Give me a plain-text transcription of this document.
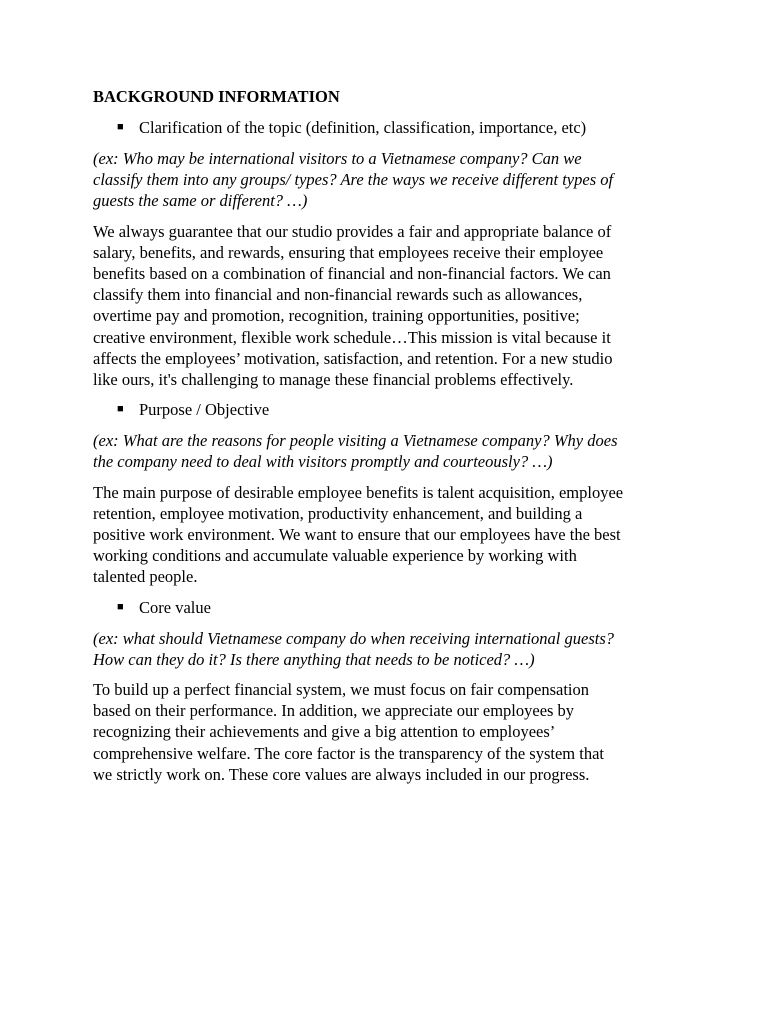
BACKGROUND INFORMATION
■ Clarification of the topic (definition, classification, importance, etc)
(ex: Who may be international visitors to a Vietnamese company? Can we
classify them into any groups/ types? Are the ways we receive different types of
guests the same or different? …)
We always guarantee that our studio provides a fair and appropriate balance of
salary, benefits, and rewards, ensuring that employees receive their employee
benefits based on a combination of financial and non-financial factors. We can
classify them into financial and non-financial rewards such as allowances,
overtime pay and promotion, recognition, training opportunities, positive;
creative environment, flexible work schedule…This mission is vital because it
affects the employees’ motivation, satisfaction, and retention. For a new studio
like ours, it's challenging to manage these financial problems effectively.
■ Purpose / Objective
(ex: What are the reasons for people visiting a Vietnamese company? Why does
the company need to deal with visitors promptly and courteously? …)
The main purpose of desirable employee benefits is talent acquisition, employee
retention, employee motivation, productivity enhancement, and building a
positive work environment. We want to ensure that our employees have the best
working conditions and accumulate valuable experience by working with
talented people.
■ Core value
(ex: what should Vietnamese company do when receiving international guests?
How can they do it? Is there anything that needs to be noticed? …)
To build up a perfect financial system, we must focus on fair compensation
based on their performance. In addition, we appreciate our employees by
recognizing their achievements and give a big attention to employees’
comprehensive welfare. The core factor is the transparency of the system that
we strictly work on. These core values are always included in our progress.
